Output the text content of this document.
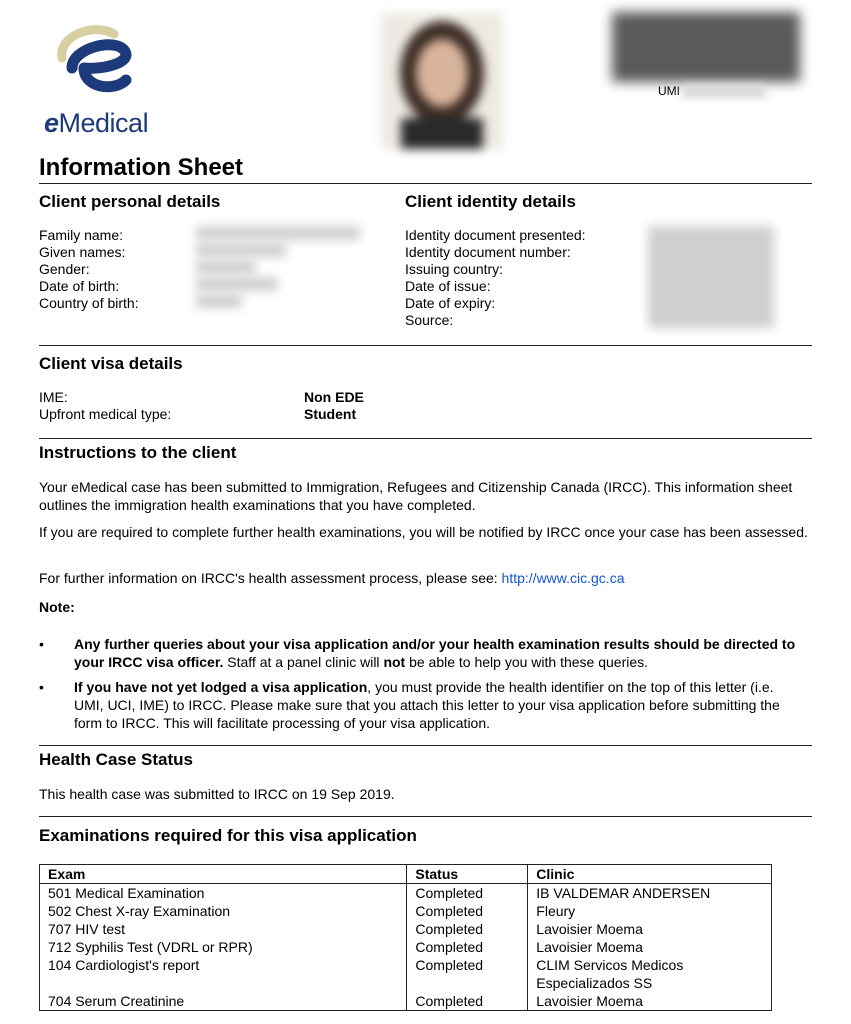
eMedical
UMI
Information Sheet
Client personal details
Family name:
Given names:
Gender:
Date of birth:
Country of birth:
Client identity details
Identity document presented:
Identity document number:
Issuing country:
Date of issue:
Date of expiry:
Source:
Client visa details
IME:	Non EDE
Upfront medical type:	Student
Instructions to the client
Your eMedical case has been submitted to Immigration, Refugees and Citizenship Canada (IRCC). This information sheet outlines the immigration health examinations that you have completed.
If you are required to complete further health examinations, you will be notified by IRCC once your case has been assessed.
For further information on IRCC's health assessment process, please see: http://www.cic.gc.ca
Note:
• Any further queries about your visa application and/or your health examination results should be directed to your IRCC visa officer. Staff at a panel clinic will not be able to help you with these queries.
• If you have not yet lodged a visa application, you must provide the health identifier on the top of this letter (i.e. UMI, UCI, IME) to IRCC. Please make sure that you attach this letter to your visa application before submitting the form to IRCC. This will facilitate processing of your visa application.
Health Case Status
This health case was submitted to IRCC on 19 Sep 2019.
Examinations required for this visa application
Exam	Status	Clinic
501 Medical Examination	Completed	IB VALDEMAR ANDERSEN
502 Chest X-ray Examination	Completed	Fleury
707 HIV test	Completed	Lavoisier Moema
712 Syphilis Test (VDRL or RPR)	Completed	Lavoisier Moema
104 Cardiologist's report	Completed	CLIM Servicos Medicos Especializados SS
704 Serum Creatinine	Completed	Lavoisier Moema
